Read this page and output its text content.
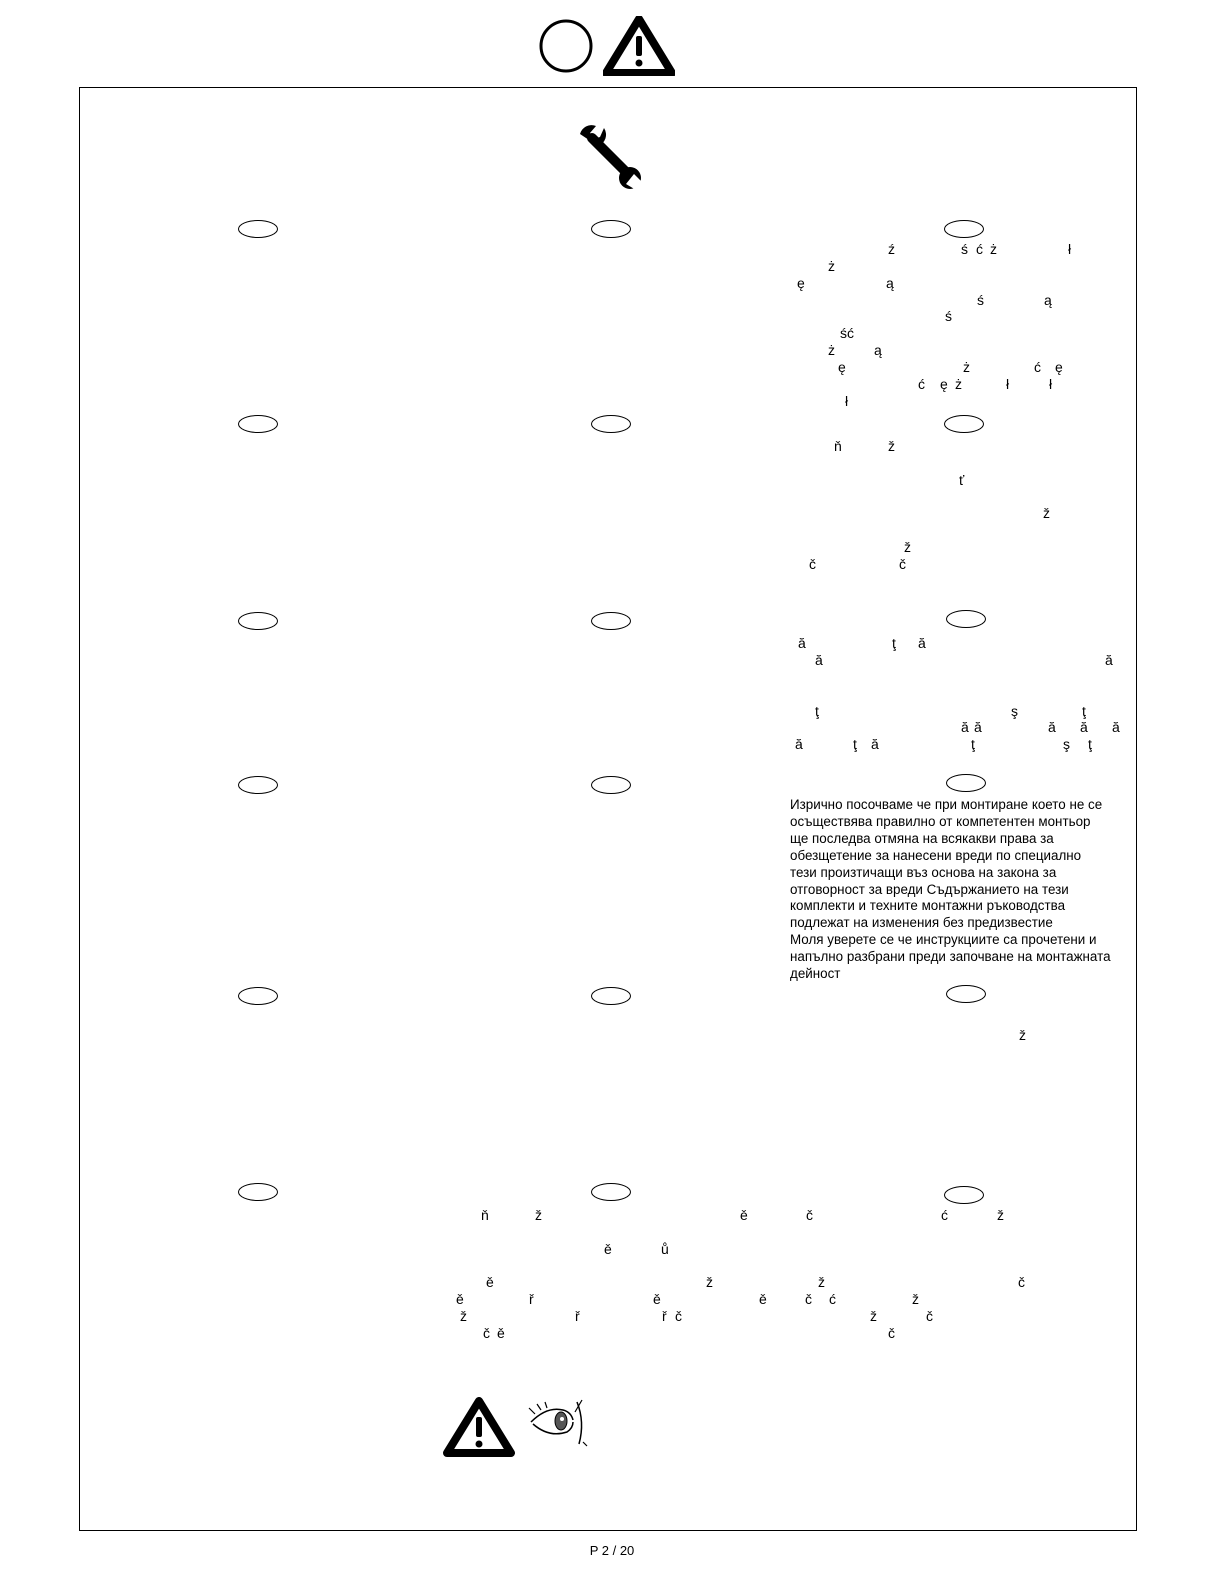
ź	ś ć ż	ł
ż
ę	ą
ś	ą
ś
ść
ż	ą
ę	ż	ć ę
ć ę ż	ł	ł
ł
ň	ž
ť
ž
ž
č	č
ă	ţ ă
ă	ă
ţ	ş	ţ
ă ă	ă ă ă
ă	ţ ă	ţ	ş ţ

Изрично посочваме че при монтиране което не се

осъществява правилно от компетентен монтьор

ще последва отмяна на всякакви права за

обезщетение за нанесени вреди по специално

тези произтичащи въз основа на закона за

отговорност за вреди Съдържанието на тези

комплекти и техните монтажни ръководства

подлежат на изменения без предизвестие

Моля уверете се че инструкциите са прочетени и

напълно разбрани преди започване на монтажната

дейност

ž
ň	ž	ě	č	ć	ž
ě	ů
ě	ž	ž	č
ě	ř	ě	ě	č ć	ž
ž	ř	ř č	ž	č
č ě	č
P 2 / 20
